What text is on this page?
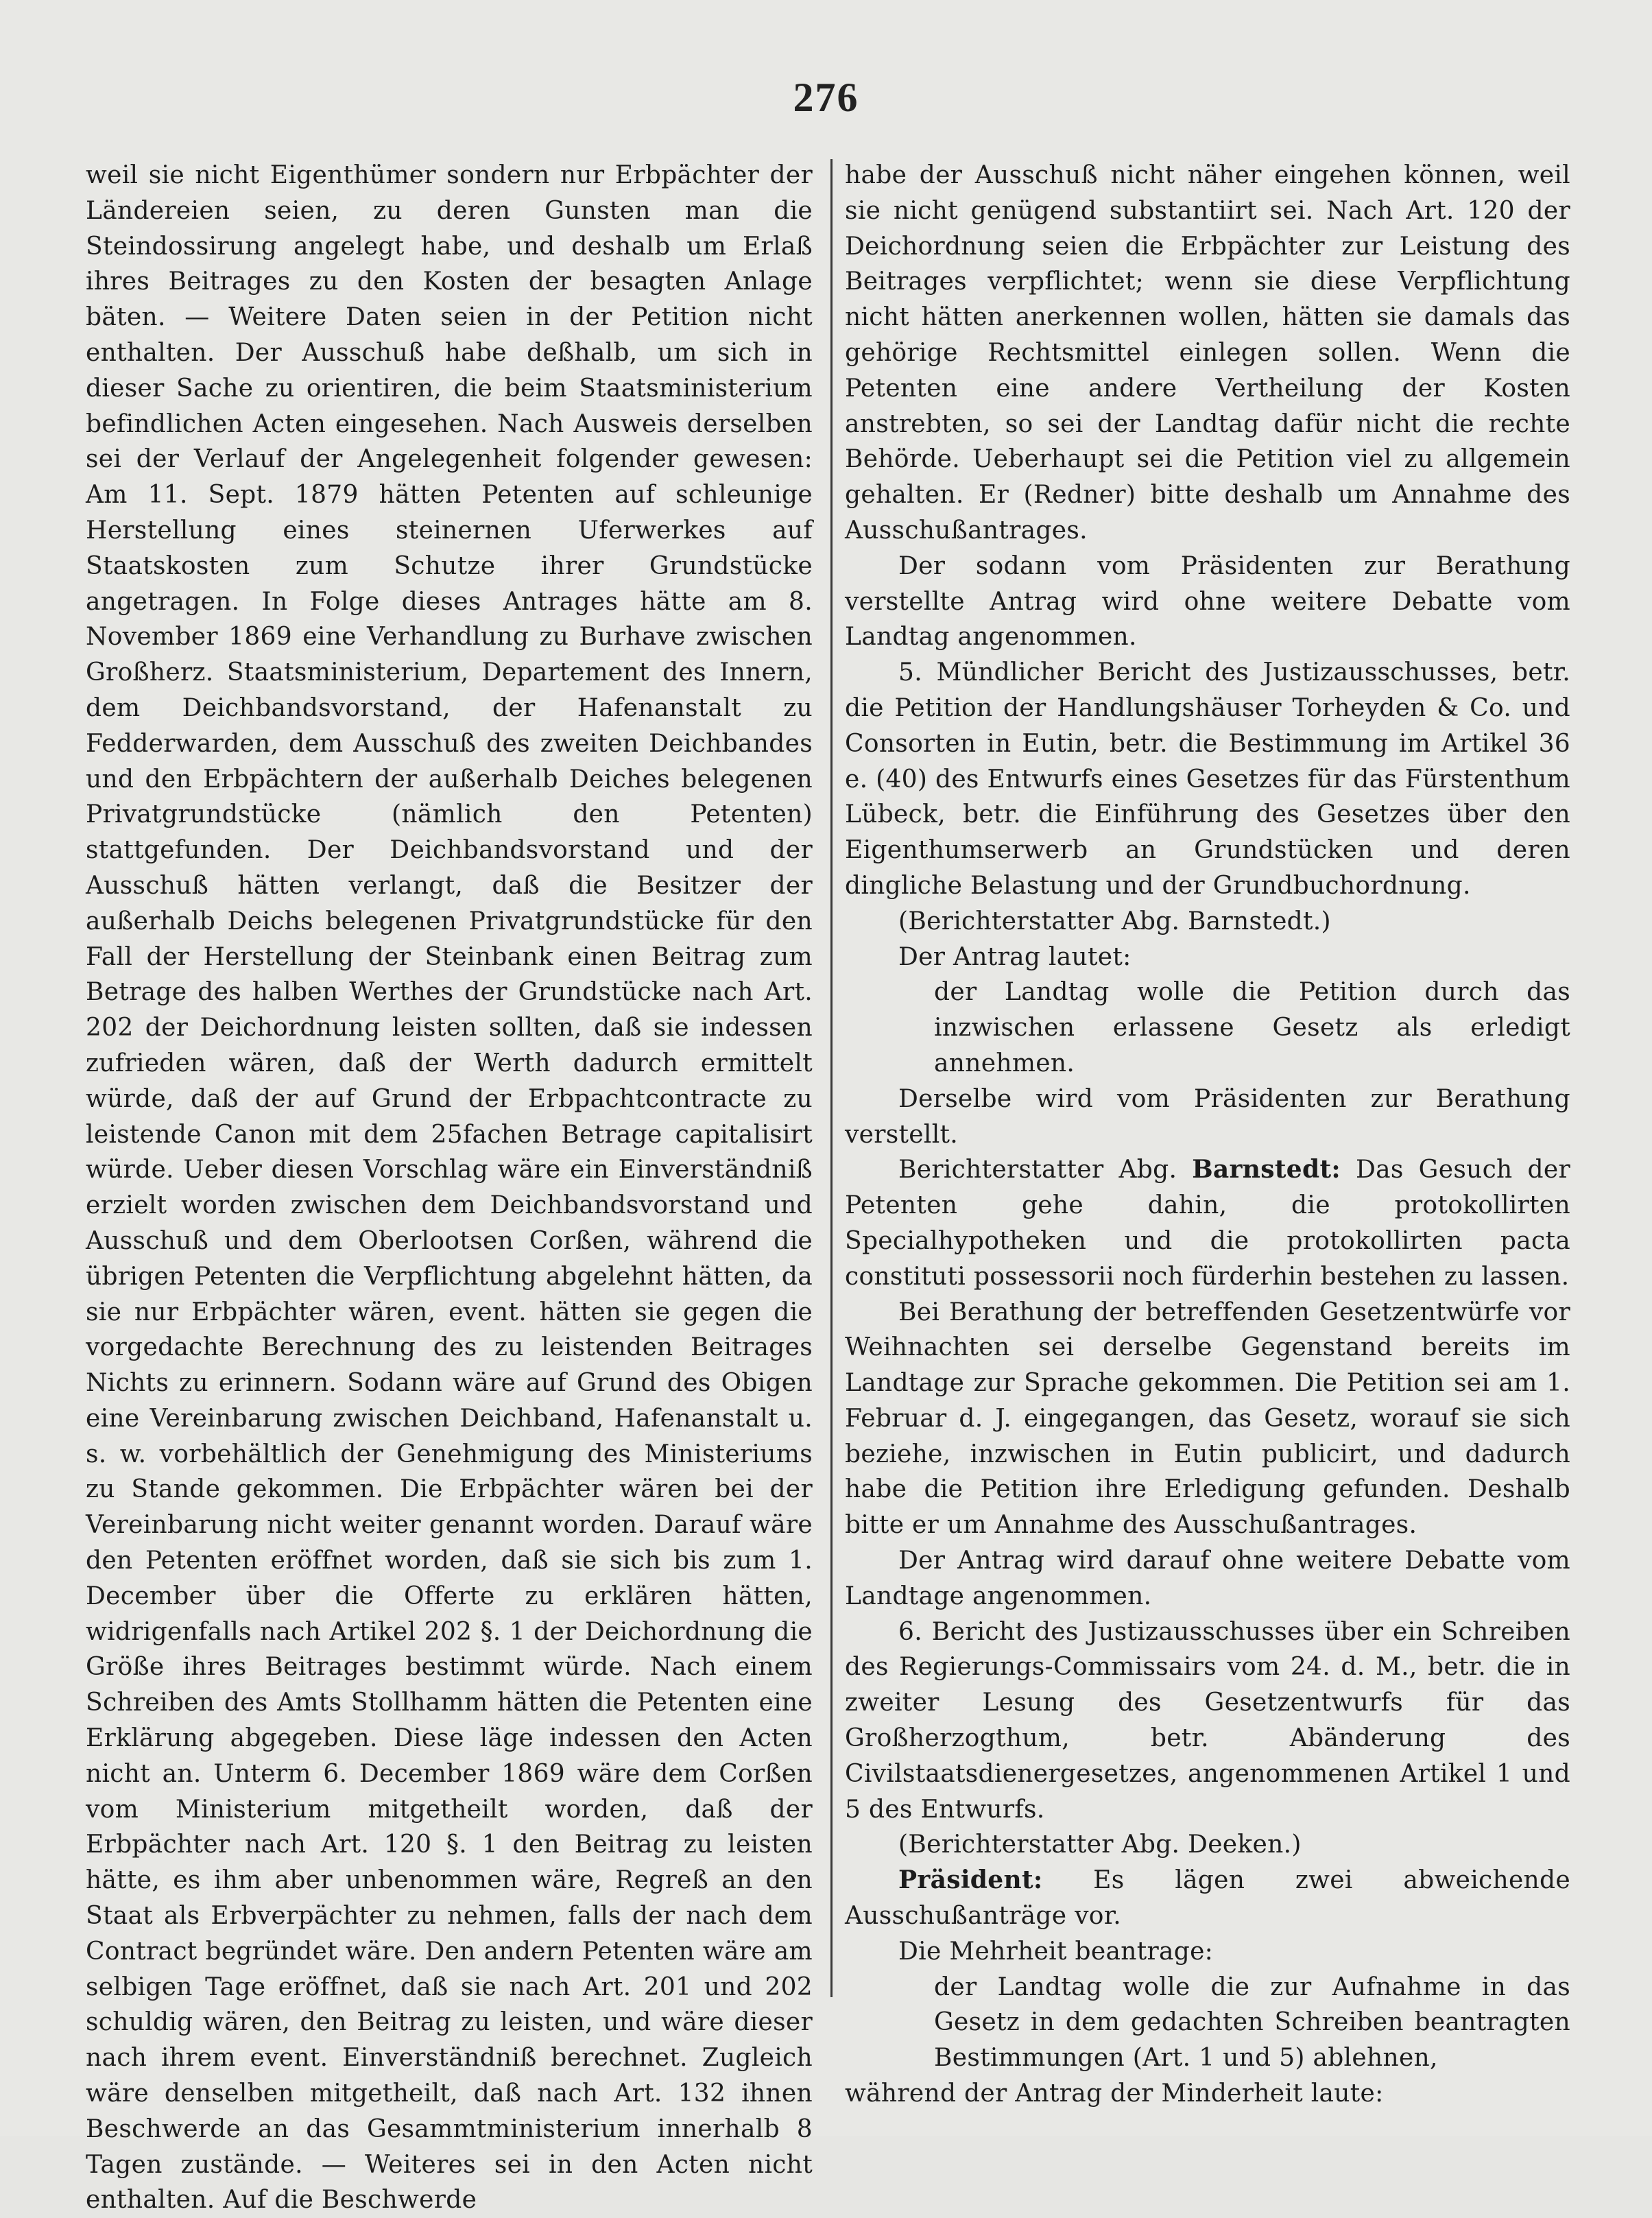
276

weil sie nicht Eigenthümer sondern nur Erbpächter der Ländereien seien, zu deren Gunsten man die Steindossirung angelegt habe, und deshalb um Erlaß ihres Beitrages zu den Kosten der besagten Anlage bäten. — Weitere Daten seien in der Petition nicht enthalten. Der Ausschuß habe deßhalb, um sich in dieser Sache zu orientiren, die beim Staatsministerium befindlichen Acten eingesehen. Nach Ausweis derselben sei der Verlauf der Angelegenheit folgender gewesen: Am 11. Sept. 1879 hätten Petenten auf schleunige Herstellung eines steinernen Uferwerkes auf Staatskosten zum Schutze ihrer Grundstücke angetragen. In Folge dieses Antrages hätte am 8. November 1869 eine Verhandlung zu Burhave zwischen Großherz. Staatsministerium, Departement des Innern, dem Deichbandsvorstand, der Hafenanstalt zu Fedderwarden, dem Ausschuß des zweiten Deichbandes und den Erbpächtern der außerhalb Deiches belegenen Privatgrundstücke (nämlich den Petenten) stattgefunden. Der Deichbandsvorstand und der Ausschuß hätten verlangt, daß die Besitzer der außerhalb Deichs belegenen Privatgrundstücke für den Fall der Herstellung der Steinbank einen Beitrag zum Betrage des halben Werthes der Grundstücke nach Art. 202 der Deichordnung leisten sollten, daß sie indessen zufrieden wären, daß der Werth dadurch ermittelt würde, daß der auf Grund der Erbpachtcontracte zu leistende Canon mit dem 25fachen Betrage capitalisirt würde. Ueber diesen Vorschlag wäre ein Einverständniß erzielt worden zwischen dem Deichbandsvorstand und Ausschuß und dem Oberlootsen Corßen, während die übrigen Petenten die Verpflichtung abgelehnt hätten, da sie nur Erbpächter wären, event. hätten sie gegen die vorgedachte Berechnung des zu leistenden Beitrages Nichts zu erinnern. Sodann wäre auf Grund des Obigen eine Vereinbarung zwischen Deichband, Hafenanstalt u. s. w. vorbehältlich der Genehmigung des Ministeriums zu Stande gekommen. Die Erbpächter wären bei der Vereinbarung nicht weiter genannt worden. Darauf wäre den Petenten eröffnet worden, daß sie sich bis zum 1. December über die Offerte zu erklären hätten, widrigenfalls nach Artikel 202 §. 1 der Deichordnung die Größe ihres Beitrages bestimmt würde. Nach einem Schreiben des Amts Stollhamm hätten die Petenten eine Erklärung abgegeben. Diese läge indessen den Acten nicht an. Unterm 6. December 1869 wäre dem Corßen vom Ministerium mitgetheilt worden, daß der Erbpächter nach Art. 120 §. 1 den Beitrag zu leisten hätte, es ihm aber unbenommen wäre, Regreß an den Staat als Erbverpächter zu nehmen, falls der nach dem Contract begründet wäre. Den andern Petenten wäre am selbigen Tage eröffnet, daß sie nach Art. 201 und 202 schuldig wären, den Beitrag zu leisten, und wäre dieser nach ihrem event. Einverständniß berechnet. Zugleich wäre denselben mitgetheilt, daß nach Art. 132 ihnen Beschwerde an das Gesammtministerium innerhalb 8 Tagen zuständе. — Weiteres sei in den Acten nicht enthalten. Auf die Beschwerde

habe der Ausschuß nicht näher eingehen können, weil sie nicht genügend substantiirt sei. Nach Art. 120 der Deichordnung seien die Erbpächter zur Leistung des Beitrages verpflichtet; wenn sie diese Verpflichtung nicht hätten anerkennen wollen, hätten sie damals das gehörige Rechtsmittel einlegen sollen. Wenn die Petenten eine andere Vertheilung der Kosten anstrebten, so sei der Landtag dafür nicht die rechte Behörde. Ueberhaupt sei die Petition viel zu allgemein gehalten. Er (Redner) bitte deshalb um Annahme des Ausschußantrages.

Der sodann vom Präsidenten zur Berathung verstellte Antrag wird ohne weitere Debatte vom Landtag angenommen.

5. Mündlicher Bericht des Justizausschusses, betr. die Petition der Handlungshäuser Torheyden & Co. und Consorten in Eutin, betr. die Bestimmung im Artikel 36 e. (40) des Entwurfs eines Gesetzes für das Fürstenthum Lübeck, betr. die Einführung des Gesetzes über den Eigenthumserwerb an Grundstücken und deren dingliche Belastung und der Grundbuchordnung.

(Berichterstatter Abg. Barnstedt.)

Der Antrag lautet:

der Landtag wolle die Petition durch das inzwischen erlassene Gesetz als erledigt annehmen.

Derselbe wird vom Präsidenten zur Berathung verstellt.

Berichterstatter Abg. Barnstedt: Das Gesuch der Petenten gehe dahin, die protokollirten Specialhypotheken und die protokollirten pacta constituti possessorii noch fürderhin bestehen zu lassen.

Bei Berathung der betreffenden Gesetzentwürfe vor Weihnachten sei derselbe Gegenstand bereits im Landtage zur Sprache gekommen. Die Petition sei am 1. Februar d. J. eingegangen, das Gesetz, worauf sie sich beziehe, inzwischen in Eutin publicirt, und dadurch habe die Petition ihre Erledigung gefunden. Deshalb bitte er um Annahme des Ausschußantrages.

Der Antrag wird darauf ohne weitere Debatte vom Landtage angenommen.

6. Bericht des Justizausschusses über ein Schreiben des Regierungs-Commissairs vom 24. d. M., betr. die in zweiter Lesung des Gesetzentwurfs für das Großherzogthum, betr. Abänderung des Civilstaatsdienergesetzes, angenommenen Artikel 1 und 5 des Entwurfs.

(Berichterstatter Abg. Deeken.)

Präsident: Es lägen zwei abweichende Ausschußanträge vor.

Die Mehrheit beantrage:

der Landtag wolle die zur Aufnahme in das Gesetz in dem gedachten Schreiben beantragten Bestimmungen (Art. 1 und 5) ablehnen,

während der Antrag der Minderheit laute:
